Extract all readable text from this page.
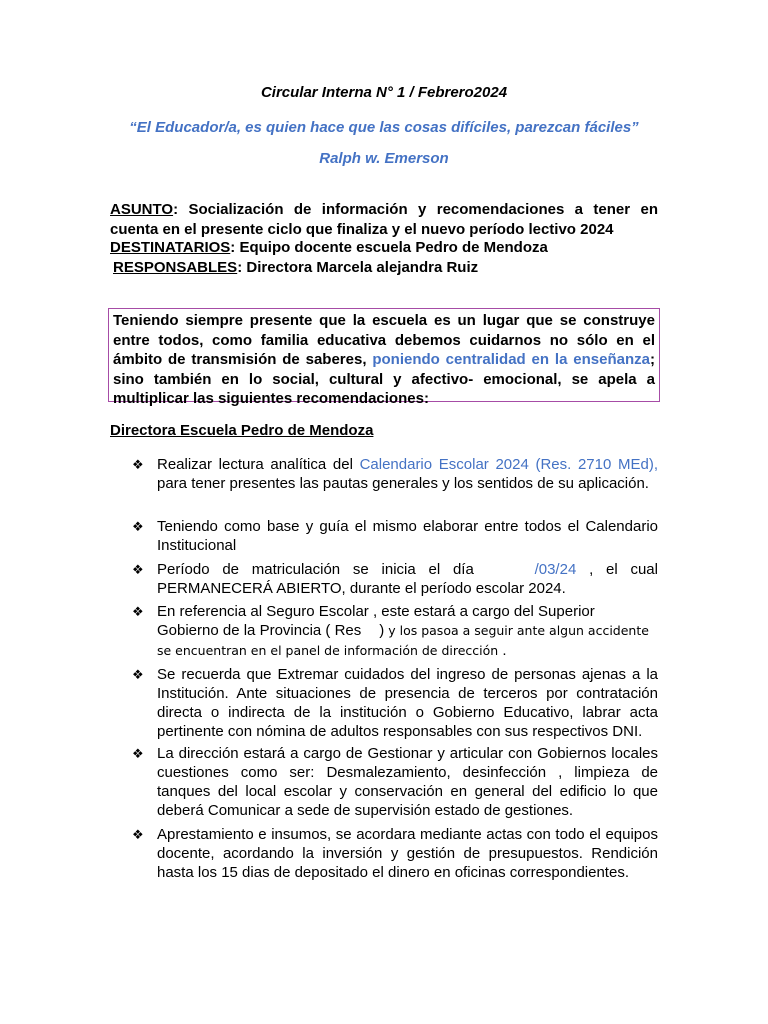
Circular Interna N° 1 / Febrero2024
“El Educador/a, es quien hace que las cosas difíciles, parezcan fáciles”
Ralph w. Emerson
ASUNTO: Socialización de información y recomendaciones a tener en cuenta en el presente ciclo que finaliza y el nuevo período lectivo 2024
DESTINATARIOS: Equipo docente escuela Pedro de Mendoza
RESPONSABLES: Directora Marcela alejandra Ruiz
Teniendo siempre presente que la escuela es un lugar que se construye entre todos, como familia educativa debemos cuidarnos no sólo en el ámbito de transmisión de saberes, poniendo centralidad en la enseñanza; sino también en lo social, cultural y afectivo- emocional, se apela a multiplicar las siguientes recomendaciones:
Directora Escuela Pedro de Mendoza
❖ Realizar lectura analítica del Calendario Escolar 2024 (Res. 2710 MEd), para tener presentes las pautas generales y los sentidos de su aplicación.
❖ Teniendo como base y guía el mismo elaborar entre todos el Calendario Institucional
❖ Período de matriculación se inicia el día	/03/24 , el cual PERMANECERÁ ABIERTO, durante el período escolar 2024.
❖ En referencia al Seguro Escolar , este estará a cargo del Superior
Gobierno de la Provincia ( Res ) y los pasoa a seguir ante algun accidente se encuentran en el panel de información de dirección .
❖ Se recuerda que Extremar cuidados del ingreso de personas ajenas a la Institución. Ante situaciones de presencia de terceros por contratación directa o indirecta de la institución o Gobierno Educativo, labrar acta pertinente con nómina de adultos responsables con sus respectivos DNI.
❖ La dirección estará a cargo de Gestionar y articular con Gobiernos locales cuestiones como ser: Desmalezamiento, desinfección , limpieza de tanques del local escolar y conservación en general del edificio lo que deberá Comunicar a sede de supervisión estado de gestiones.
❖ Aprestamiento e insumos, se acordara mediante actas con todo el equipos docente, acordando la inversión y gestión de presupuestos. Rendición hasta los 15 dias de depositado el dinero en oficinas correspondientes.
